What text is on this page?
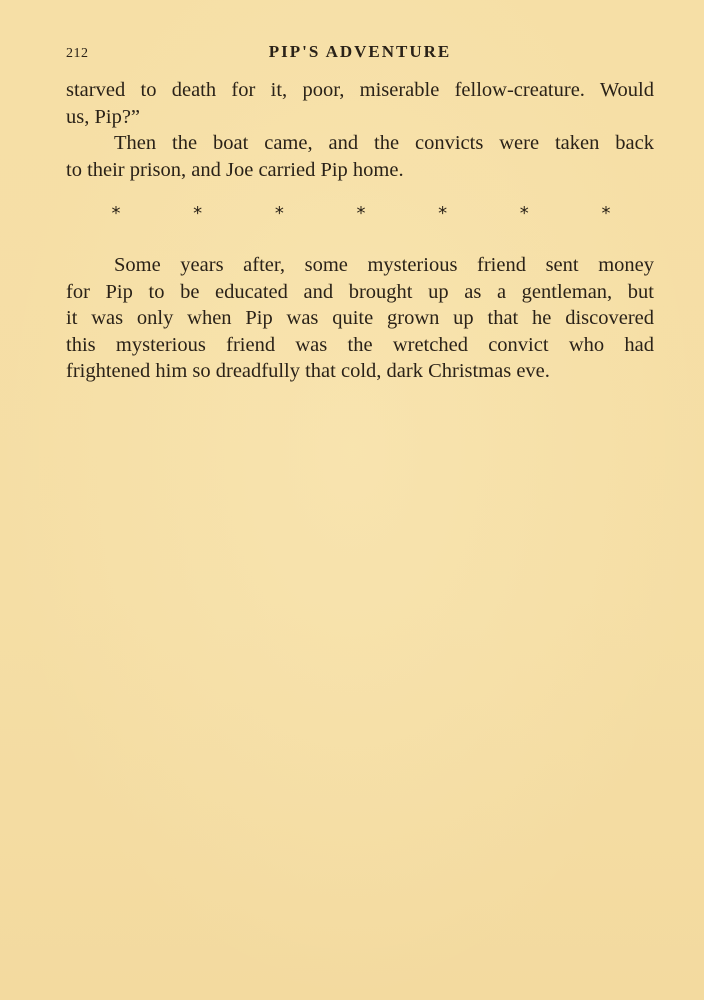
212	PIP'S ADVENTURE
starved to death for it, poor, miserable fellow-creature. Would
us, Pip?”
Then the boat came, and the convicts were taken back
to their prison, and Joe carried Pip home.
*	*	*	*	*	*	*
Some years after, some mysterious friend sent money
for Pip to be educated and brought up as a gentleman, but
it was only when Pip was quite grown up that he discovered
this mysterious friend was the wretched convict who had
frightened him so dreadfully that cold, dark Christmas eve.
